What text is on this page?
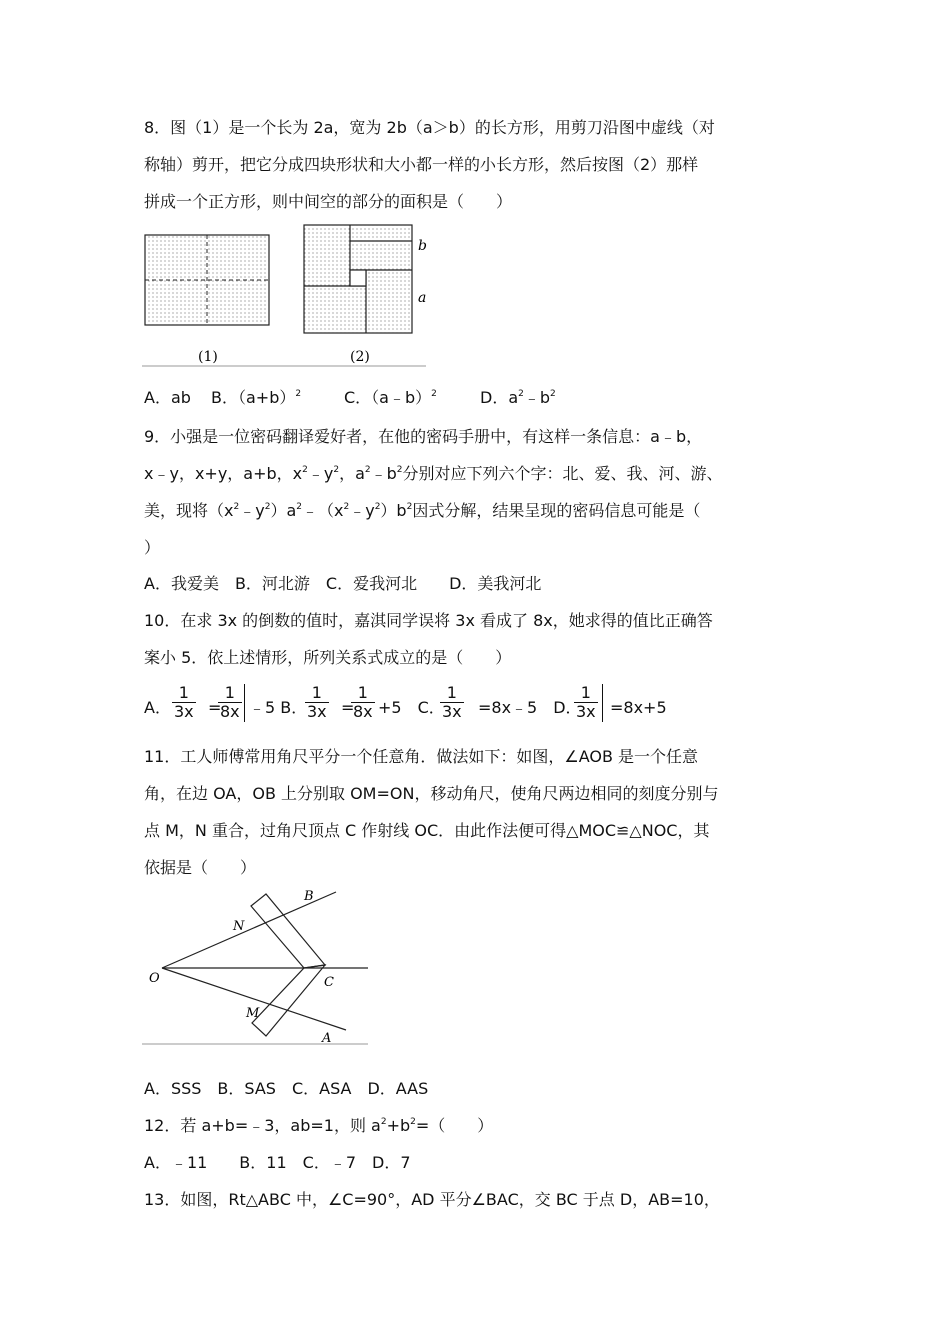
8．图（1）是一个长为 2a，宽为 2b（a＞b）的长方形，用剪刀沿图中虚线（对
称轴）剪开，把它分成四块形状和大小都一样的小长方形，然后按图（2）那样
拼成一个正方形，则中间空的部分的面积是（　　）
b
a
(1)	(2)
A．ab B．$(a+b)^2$	C．（a﹣b）$^2$	D．$a^2﹣b^2$
9．小强是一位密码翻译爱好者，在他的密码手册中，有这样一条信息：a﹣b，
x﹣y，x+y，a+b，$x^2﹣y^2$，$a^2﹣b^2$分别对应下列六个字：北、爱、我、河、游、
美，现将$(x^2﹣y^2)a^2﹣(x^2﹣y^2)b^2$因式分解，结果呈现的密码信息可能是（
）
A．我爱美　B．河北游　C．爱我河北　　D．美我河北
10．在求 3x 的倒数的值时，嘉淇同学误将 3x 看成了 8x，她求得的值比正确答
案小 5．依上述情形，所列关系式成立的是（　　）
A． $\frac{1}{3x}$ =
$\frac{1}{8x}$ ﹣5 B．
$\frac{1}{3x}$ =
$\frac{1}{8x} +5$　C．
$\frac{1}{3x}$ =8x﹣5　D．
$\frac{1}{3x} =8x+5$
11．工人师傅常用角尺平分一个任意角．做法如下：如图，∠AOB 是一个任意
角，在边 OA，OB 上分别取 OM=ON，移动角尺，使角尺两边相同的刻度分别与
点 M，N 重合，过角尺顶点 C 作射线 OC．由此作法便可得△MOC≌△NOC，其
依据是（　　）
B
N
O	C
M
A
A．SSS　B．SAS　C．ASA　D．AAS
12．若 a+b=﹣3，ab=1，则 $a^2+b^2=$（　　）
A．﹣11　　B．11　C．﹣7　D．7
13．如图，Rt△ABC 中，∠C=90°，AD 平分∠BAC，交 BC 于点 D，AB=10，
